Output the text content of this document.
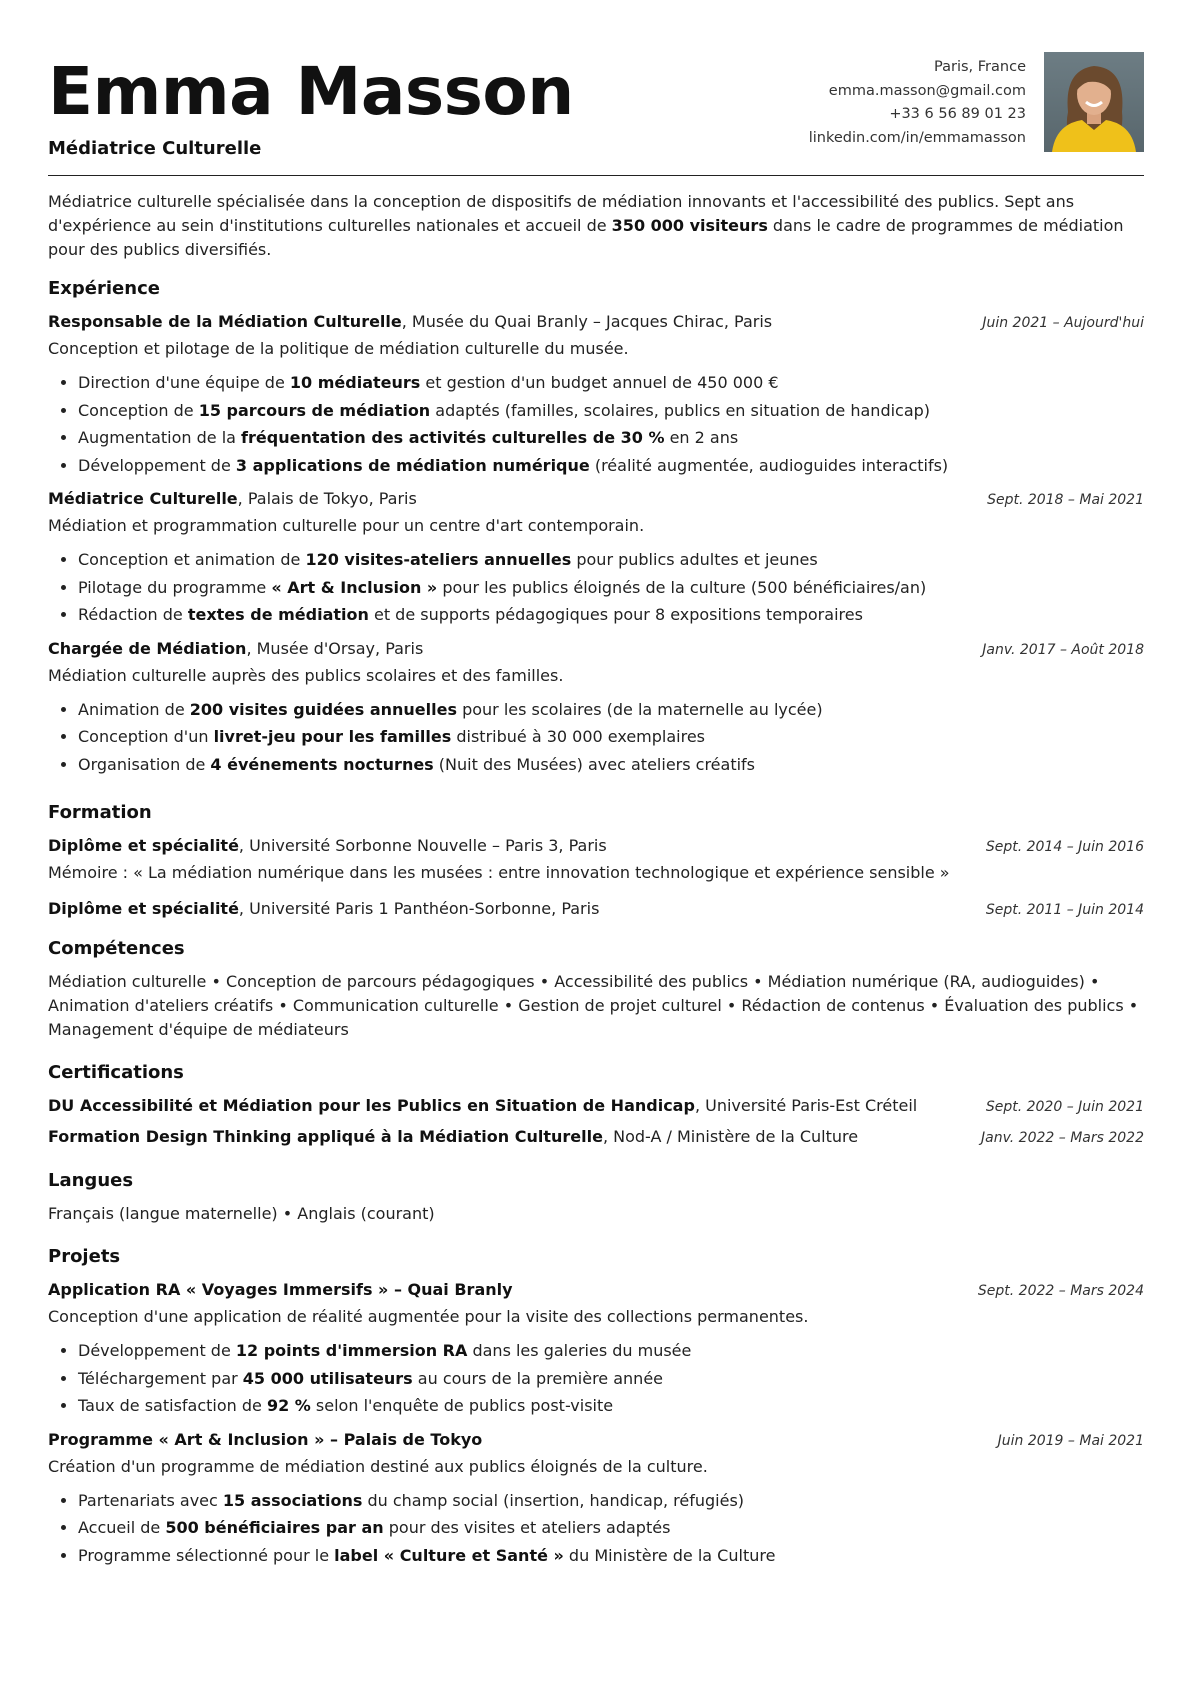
Emma Masson
Médiatrice Culturelle
Paris, France
emma.masson@gmail.com
+33 6 56 89 01 23
linkedin.com/in/emmamasson

Médiatrice culturelle spécialisée dans la conception de dispositifs de médiation innovants et l'accessibilité des publics. Sept ans d'expérience au sein d'institutions culturelles nationales et accueil de 350 000 visiteurs dans le cadre de programmes de médiation pour des publics diversifiés.

Expérience
Responsable de la Médiation Culturelle, Musée du Quai Branly – Jacques Chirac, Paris	Juin 2021 – Aujourd'hui
Conception et pilotage de la politique de médiation culturelle du musée.
• Direction d'une équipe de 10 médiateurs et gestion d'un budget annuel de 450 000 €
• Conception de 15 parcours de médiation adaptés (familles, scolaires, publics en situation de handicap)
• Augmentation de la fréquentation des activités culturelles de 30 % en 2 ans
• Développement de 3 applications de médiation numérique (réalité augmentée, audioguides interactifs)
Médiatrice Culturelle, Palais de Tokyo, Paris	Sept. 2018 – Mai 2021
Médiation et programmation culturelle pour un centre d'art contemporain.
• Conception et animation de 120 visites-ateliers annuelles pour publics adultes et jeunes
• Pilotage du programme « Art & Inclusion » pour les publics éloignés de la culture (500 bénéficiaires/an)
• Rédaction de textes de médiation et de supports pédagogiques pour 8 expositions temporaires
Chargée de Médiation, Musée d'Orsay, Paris	Janv. 2017 – Août 2018
Médiation culturelle auprès des publics scolaires et des familles.
• Animation de 200 visites guidées annuelles pour les scolaires (de la maternelle au lycée)
• Conception d'un livret-jeu pour les familles distribué à 30 000 exemplaires
• Organisation de 4 événements nocturnes (Nuit des Musées) avec ateliers créatifs
Formation
Diplôme et spécialité, Université Sorbonne Nouvelle – Paris 3, Paris	Sept. 2014 – Juin 2016
Mémoire : « La médiation numérique dans les musées : entre innovation technologique et expérience sensible »
Diplôme et spécialité, Université Paris 1 Panthéon-Sorbonne, Paris	Sept. 2011 – Juin 2014
Compétences

Médiation culturelle • Conception de parcours pédagogiques • Accessibilité des publics • Médiation numérique (RA, audioguides) • Animation d'ateliers créatifs • Communication culturelle • Gestion de projet culturel • Rédaction de contenus • Évaluation des publics • Management d'équipe de médiateurs

Certifications
DU Accessibilité et Médiation pour les Publics en Situation de Handicap, Université Paris-Est Créteil	Sept. 2020 – Juin 2021
Formation Design Thinking appliqué à la Médiation Culturelle, Nod-A / Ministère de la Culture	Janv. 2022 – Mars 2022
Langues

Français (langue maternelle) • Anglais (courant)

Projets
Application RA « Voyages Immersifs » – Quai Branly	Sept. 2022 – Mars 2024
Conception d'une application de réalité augmentée pour la visite des collections permanentes.
• Développement de 12 points d'immersion RA dans les galeries du musée
• Téléchargement par 45 000 utilisateurs au cours de la première année
• Taux de satisfaction de 92 % selon l'enquête de publics post-visite
Programme « Art & Inclusion » – Palais de Tokyo	Juin 2019 – Mai 2021
Création d'un programme de médiation destiné aux publics éloignés de la culture.
• Partenariats avec 15 associations du champ social (insertion, handicap, réfugiés)
• Accueil de 500 bénéficiaires par an pour des visites et ateliers adaptés
• Programme sélectionné pour le label « Culture et Santé » du Ministère de la Culture
